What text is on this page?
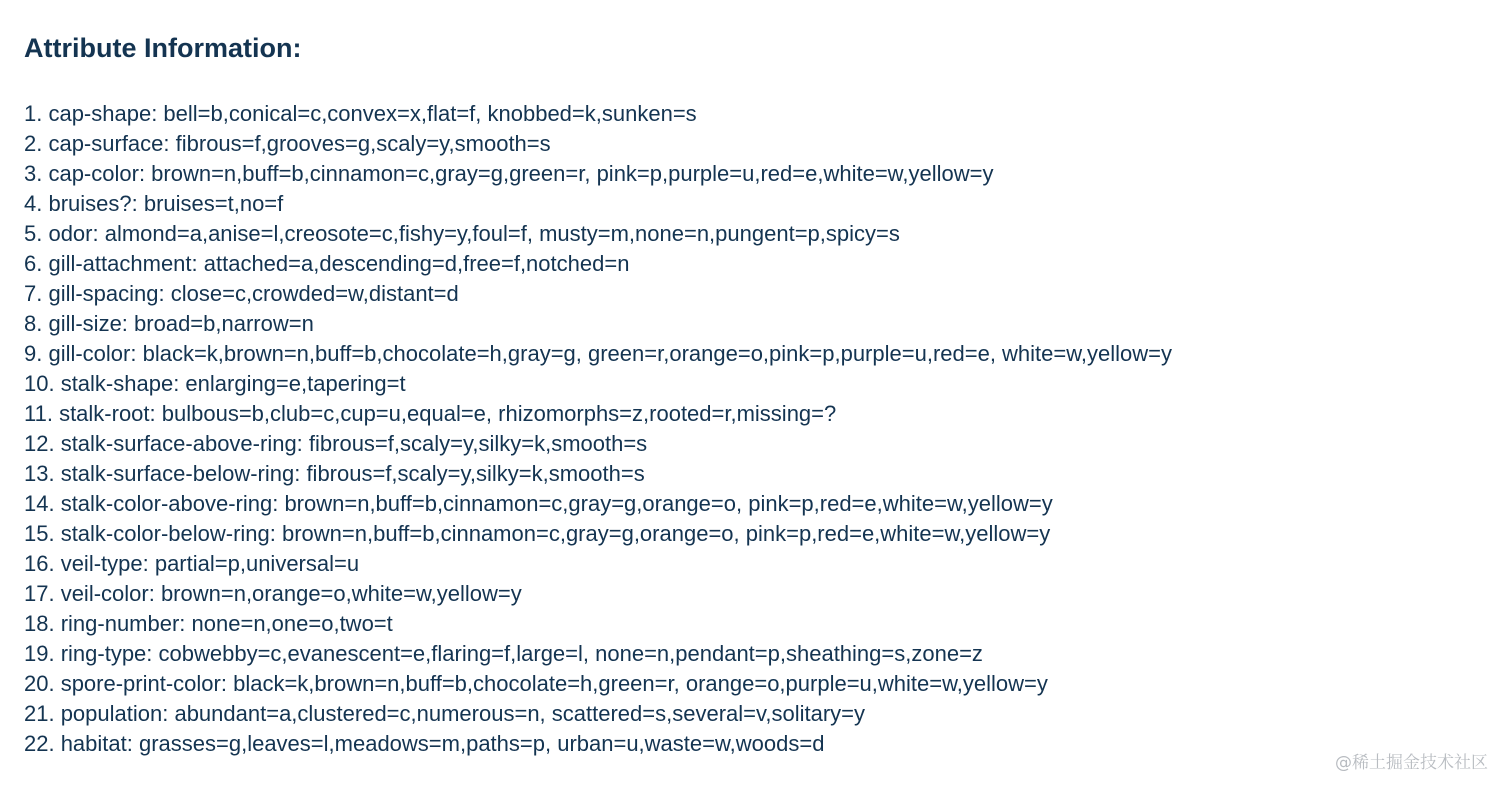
Attribute Information:
1. cap-shape: bell=b,conical=c,convex=x,flat=f, knobbed=k,sunken=s
2. cap-surface: fibrous=f,grooves=g,scaly=y,smooth=s
3. cap-color: brown=n,buff=b,cinnamon=c,gray=g,green=r, pink=p,purple=u,red=e,white=w,yellow=y
4. bruises?: bruises=t,no=f
5. odor: almond=a,anise=l,creosote=c,fishy=y,foul=f, musty=m,none=n,pungent=p,spicy=s
6. gill-attachment: attached=a,descending=d,free=f,notched=n
7. gill-spacing: close=c,crowded=w,distant=d
8. gill-size: broad=b,narrow=n
9. gill-color: black=k,brown=n,buff=b,chocolate=h,gray=g, green=r,orange=o,pink=p,purple=u,red=e, white=w,yellow=y
10. stalk-shape: enlarging=e,tapering=t
11. stalk-root: bulbous=b,club=c,cup=u,equal=e, rhizomorphs=z,rooted=r,missing=?
12. stalk-surface-above-ring: fibrous=f,scaly=y,silky=k,smooth=s
13. stalk-surface-below-ring: fibrous=f,scaly=y,silky=k,smooth=s
14. stalk-color-above-ring: brown=n,buff=b,cinnamon=c,gray=g,orange=o, pink=p,red=e,white=w,yellow=y
15. stalk-color-below-ring: brown=n,buff=b,cinnamon=c,gray=g,orange=o, pink=p,red=e,white=w,yellow=y
16. veil-type: partial=p,universal=u
17. veil-color: brown=n,orange=o,white=w,yellow=y
18. ring-number: none=n,one=o,two=t
19. ring-type: cobwebby=c,evanescent=e,flaring=f,large=l, none=n,pendant=p,sheathing=s,zone=z
20. spore-print-color: black=k,brown=n,buff=b,chocolate=h,green=r, orange=o,purple=u,white=w,yellow=y
21. population: abundant=a,clustered=c,numerous=n, scattered=s,several=v,solitary=y
22. habitat: grasses=g,leaves=l,meadows=m,paths=p, urban=u,waste=w,woods=d
@稀土掘金技术社区
